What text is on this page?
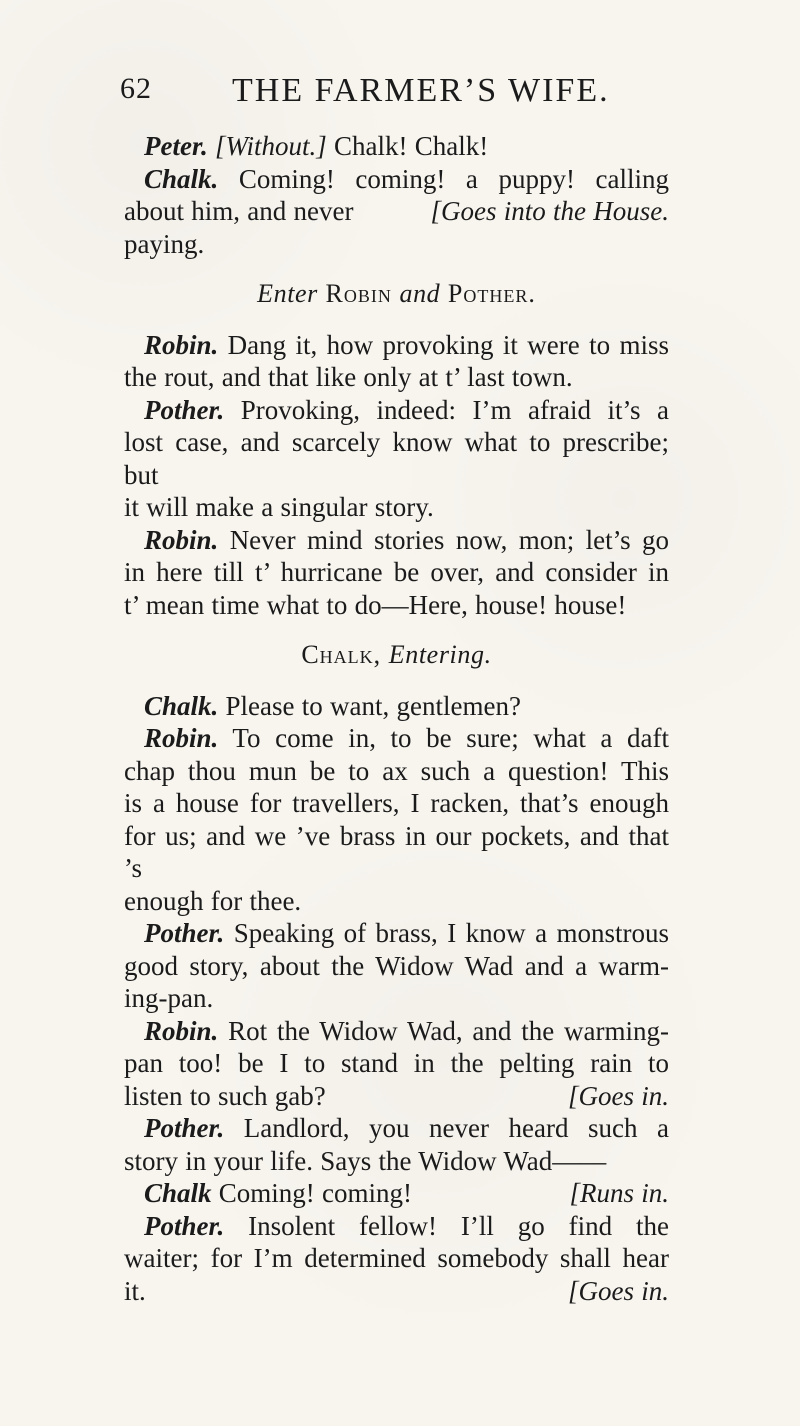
62 THE FARMER’S WIFE.

Peter. [Without.] Chalk! Chalk!

Chalk. Coming! coming! a puppy! calling

about him, and never paying.
[Goes into the House.

Enter Robin and Pother.

Robin. Dang it, how provoking it were to miss

the rout, and that like only at t’ last town.

Pother. Provoking, indeed: I’m afraid it’s a

lost case, and scarcely know what to prescribe; but

it will make a singular story.

Robin. Never mind stories now, mon; let’s go

in here till t’ hurricane be over, and consider in

t’ mean time what to do—Here, house! house!

Chalk, Entering.

Chalk. Please to want, gentlemen?

Robin. To come in, to be sure; what a daft

chap thou mun be to ax such a question! This

is a house for travellers, I racken, that’s enough

for us; and we ’ve brass in our pockets, and that ’s

enough for thee.

Pother. Speaking of brass, I know a monstrous

good story, about the Widow Wad and a warm-

ing-pan.

Robin. Rot the Widow Wad, and the warming-

pan too! be I to stand in the pelting rain to

listen to such gab?	[Goes in.

Pother. Landlord, you never heard such a

story in your life. Says the Widow Wad——

Chalk Coming! coming!	[Runs in.

Pother. Insolent fellow! I’ll go find the

waiter; for I’m determined somebody shall hear

it.	[Goes in.
